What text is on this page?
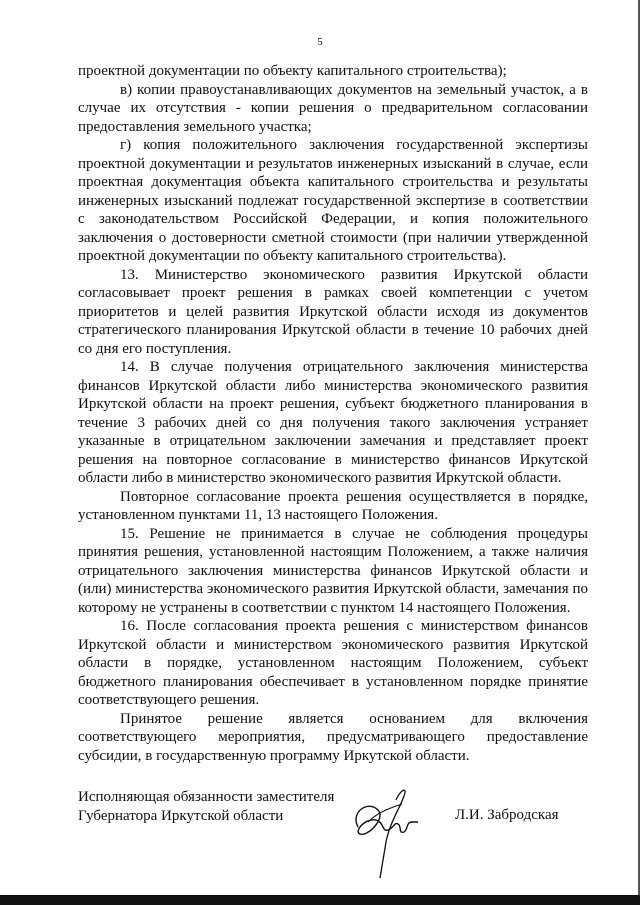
5

проектной документации по объекту капитального строительства);

в) копии правоустанавливающих документов на земельный участок, а в случае их отсутствия - копии решения о предварительном согласовании предоставления земельного участка;

г) копия положительного заключения государственной экспертизы проектной документации и результатов инженерных изысканий в случае, если проектная документация объекта капитального строительства и результаты инженерных изысканий подлежат государственной экспертизе в соответствии с законодательством Российской Федерации, и копия положительного заключения о достоверности сметной стоимости (при наличии утвержденной проектной документации по объекту капитального строительства).

13. Министерство экономического развития Иркутской области согласовывает проект решения в рамках своей компетенции с учетом приоритетов и целей развития Иркутской области исходя из документов стратегического планирования Иркутской области в течение 10 рабочих дней со дня его поступления.

14. В случае получения отрицательного заключения министерства финансов Иркутской области либо министерства экономического развития Иркутской области на проект решения, субъект бюджетного планирования в течение 3 рабочих дней со дня получения такого заключения устраняет указанные в отрицательном заключении замечания и представляет проект решения на повторное согласование в министерство финансов Иркутской области либо в министерство экономического развития Иркутской области.

Повторное согласование проекта решения осуществляется в порядке, установленном пунктами 11, 13 настоящего Положения.

15. Решение не принимается в случае не соблюдения процедуры принятия решения, установленной настоящим Положением, а также наличия отрицательного заключения министерства финансов Иркутской области и (или) министерства экономического развития Иркутской области, замечания по которому не устранены в соответствии с пунктом 14 настоящего Положения.

16. После согласования проекта решения с министерством финансов Иркутской области и министерством экономического развития Иркутской области в порядке, установленном настоящим Положением, субъект бюджетного планирования обеспечивает в установленном порядке принятие соответствующего решения.

Принятое решение является основанием для включения соответствующего мероприятия, предусматривающего предоставление субсидии, в государственную программу Иркутской области.

Исполняющая обязанности заместителя
Губернатора Иркутской области	Л.И. Забродская
